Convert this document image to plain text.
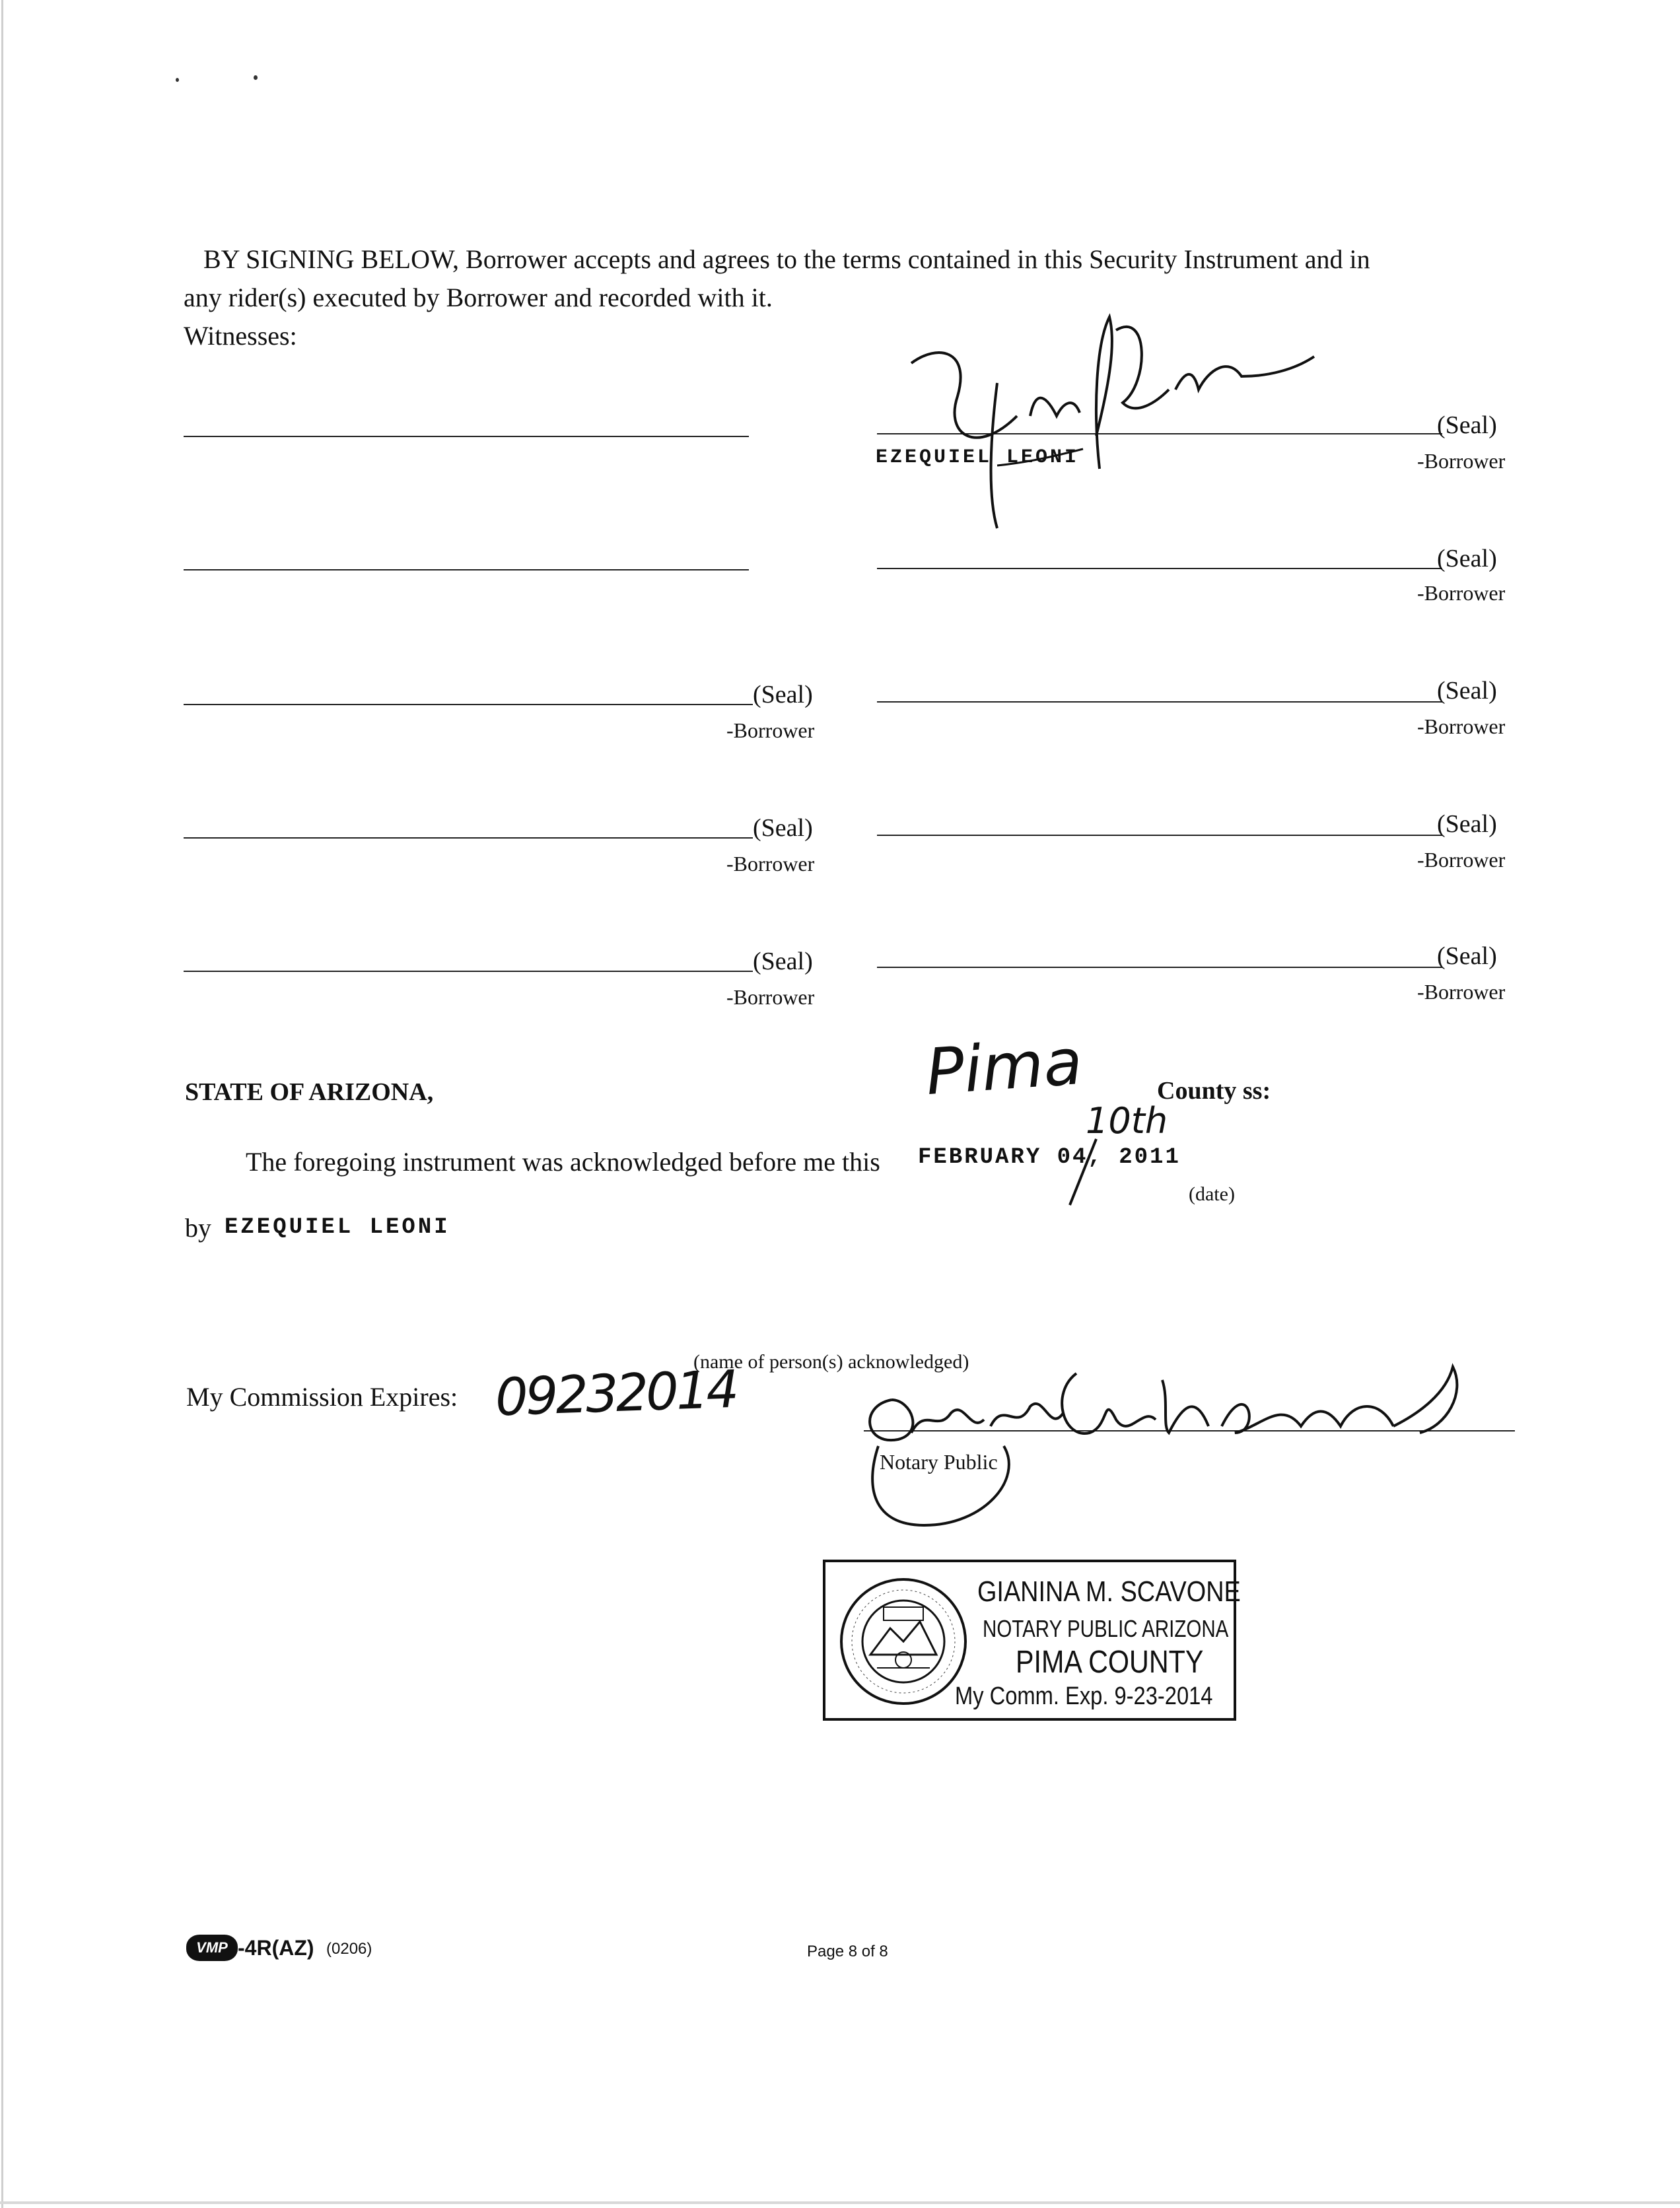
BY SIGNING BELOW, Borrower accepts and agrees to the terms contained in this Security Instrument and in
any rider(s) executed by Borrower and recorded with it.
Witnesses:
(Seal)
EZEQUIEL LEONI	-Borrower
(Seal)
-Borrower
(Seal)
-Borrower
(Seal)
-Borrower
(Seal)
-Borrower
(Seal)
-Borrower
(Seal)
-Borrower
(Seal)
-Borrower
STATE OF ARIZONA,	Pima	County ss:
The foregoing instrument was acknowledged before me this FEBRUARY 04, 2011
10th
(date)
by EZEQUIEL LEONI
(name of person(s) acknowledged)
My Commission Expires: 09232014
Notary Public
GIANINA M. SCAVONE
NOTARY PUBLIC ARIZONA
PIMA COUNTY
My Comm. Exp. 9-23-2014
VMP -4R(AZ) (0206)	Page 8 of 8
